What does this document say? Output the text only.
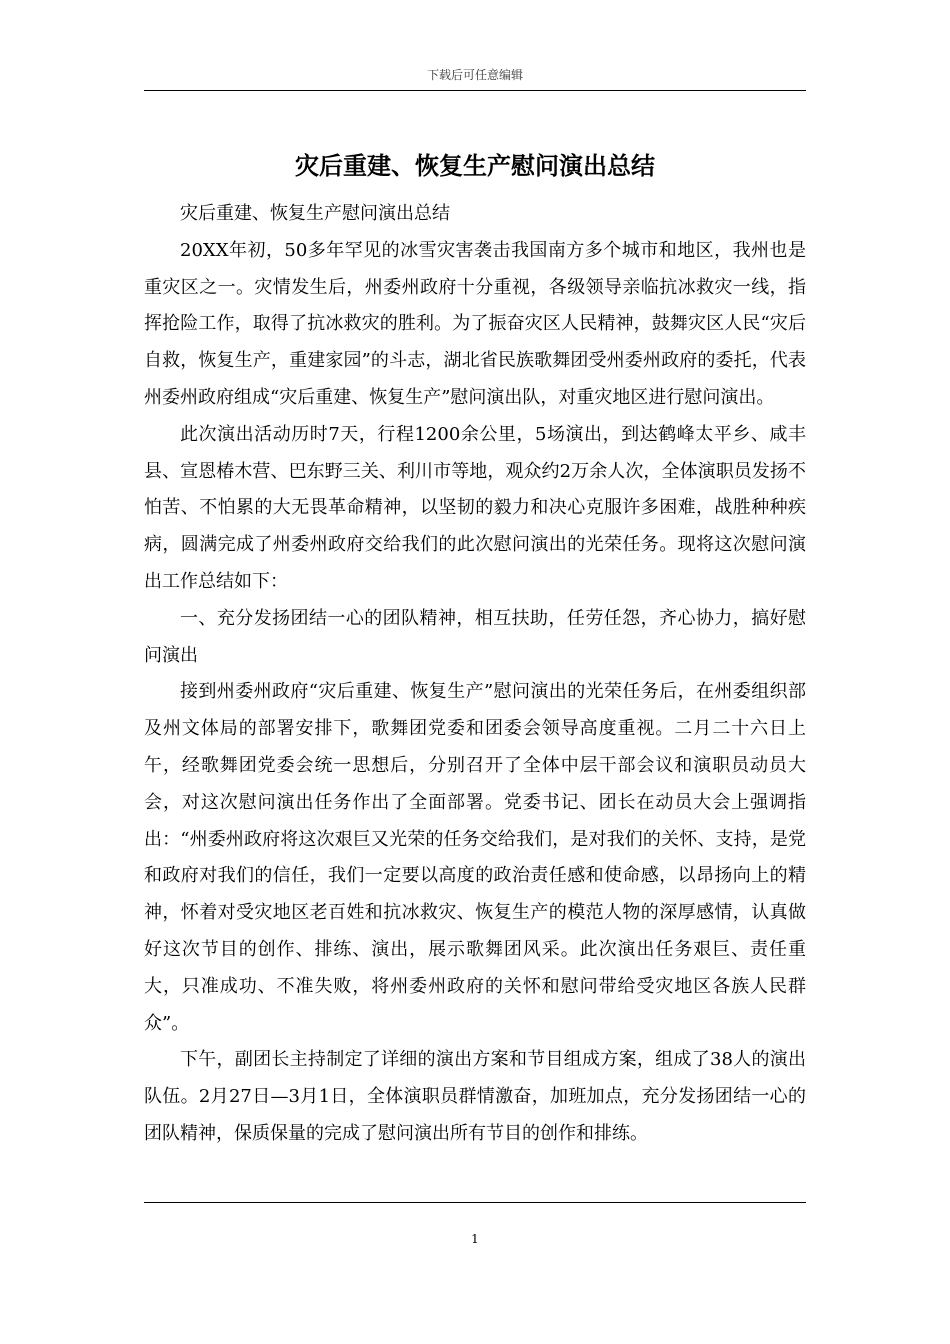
下载后可任意编辑
灾后重建、恢复生产慰问演出总结

灾后重建、恢复生产慰问演出总结

20XX年初，50多年罕见的冰雪灾害袭击我国南方多个城市和地区，我州也是重灾区之一。灾情发生后，州委州政府十分重视，各级领导亲临抗冰救灾一线，指挥抢险工作，取得了抗冰救灾的胜利。为了振奋灾区人民精神，鼓舞灾区人民“灾后自救，恢复生产，重建家园”的斗志，湖北省民族歌舞团受州委州政府的委托，代表州委州政府组成“灾后重建、恢复生产”慰问演出队，对重灾地区进行慰问演出。

此次演出活动历时7天，行程1200余公里，5场演出，到达鹤峰太平乡、咸丰县、宣恩椿木营、巴东野三关、利川市等地，观众约2万余人次，全体演职员发扬不怕苦、不怕累的大无畏革命精神，以坚韧的毅力和决心克服许多困难，战胜种种疾病，圆满完成了州委州政府交给我们的此次慰问演出的光荣任务。现将这次慰问演出工作总结如下：

一、充分发扬团结一心的团队精神，相互扶助，任劳任怨，齐心协力，搞好慰问演出

接到州委州政府“灾后重建、恢复生产”慰问演出的光荣任务后，在州委组织部及州文体局的部署安排下，歌舞团党委和团委会领导高度重视。二月二十六日上午，经歌舞团党委会统一思想后，分别召开了全体中层干部会议和演职员动员大会，对这次慰问演出任务作出了全面部署。党委书记、团长在动员大会上强调指出：“州委州政府将这次艰巨又光荣的任务交给我们，是对我们的关怀、支持，是党和政府对我们的信任，我们一定要以高度的政治责任感和使命感，以昂扬向上的精神，怀着对受灾地区老百姓和抗冰救灾、恢复生产的模范人物的深厚感情，认真做好这次节目的创作、排练、演出，展示歌舞团风采。此次演出任务艰巨、责任重大，只准成功、不准失败，将州委州政府的关怀和慰问带给受灾地区各族人民群众”。

下午，副团长主持制定了详细的演出方案和节目组成方案，组成了38人的演出队伍。2月27日—3月1日，全体演职员群情激奋，加班加点，充分发扬团结一心的团队精神，保质保量的完成了慰问演出所有节目的创作和排练。

1
